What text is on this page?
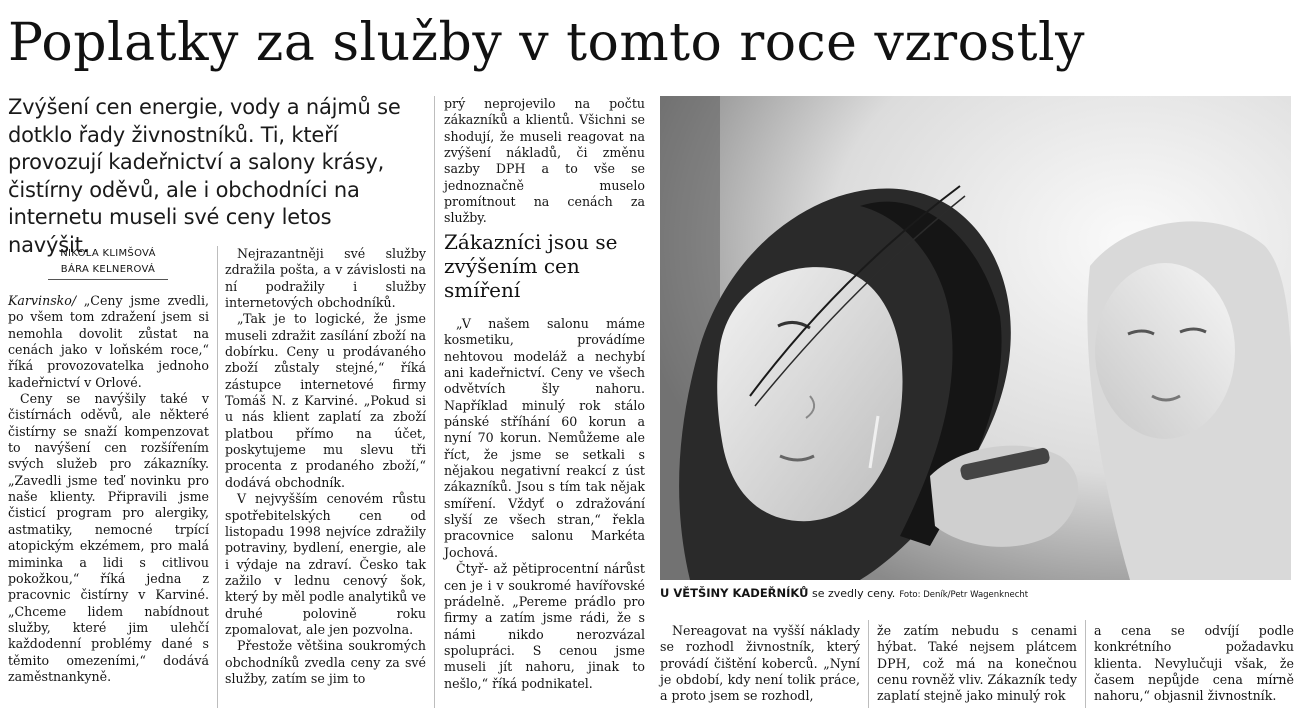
Poplatky za služby v tomto roce vzrostly
Zvýšení cen energie, vody a nájmů se dotklo řady živnostníků. Ti, kteří provozují kadeřnictví a salony krásy, čistírny oděvů, ale i obchodníci na internetu museli své ceny letos navýšit.
NIKOLA KLIMŠOVÁ
BÁRA KELNEROVÁ

Karvinsko/ „Ceny jsme zvedli, po všem tom zdražení jsem si nemohla dovolit zůstat na cenách jako v loňském roce,“ říká provozovatelka jednoho kadeřnictví v Orlové.

Ceny se navýšily také v čistírnách oděvů, ale některé čistírny se snaží kompenzovat to navýšení cen rozšířením svých služeb pro zákazníky. „Zavedli jsme teď novinku pro naše klienty. Připravili jsme čisticí program pro alergiky, astmatiky, nemocné trpící atopickým ekzémem, pro malá miminka a lidi s citlivou pokožkou,“ říká jedna z pracovnic čistírny v Karviné. „Chceme lidem nabídnout služby, které jim ulehčí každodenní problémy dané s těmito omezeními,“ dodává zaměstnankyně.

Nejrazantněji své služby zdražila pošta, a v závislosti na ní podražily i služby internetových obchodníků.

„Tak je to logické, že jsme museli zdražit zasílání zboží na dobírku. Ceny u prodávaného zboží zůstaly stejné,“ říká zástupce internetové firmy Tomáš N. z Karviné. „Pokud si u nás klient zaplatí za zboží platbou přímo na účet, poskytujeme mu slevu tři procenta z prodaného zboží,“ dodává obchodník.

V nejvyšším cenovém růstu spotřebitelských cen od listopadu 1998 nejvíce zdražily potraviny, bydlení, energie, ale i výdaje na zdraví. Česko tak zažilo v lednu cenový šok, který by měl podle analytiků ve druhé polovině roku zpomalovat, ale jen pozvolna.

Přestože většina soukromých obchodníků zvedla ceny za své služby, zatím se jim to

prý neprojevilo na počtu zákazníků a klientů. Všichni se shodují, že museli reagovat na zvýšení nákladů, či změnu sazby DPH a to vše se jednoznačně muselo promítnout na cenách za služby.

Zákazníci jsou se zvýšením cen smíření

„V našem salonu máme kosmetiku, provádíme nehtovou modeláž a nechybí ani kadeřnictví. Ceny ve všech odvětvích šly nahoru. Například minulý rok stálo pánské stříhání 60 korun a nyní 70 korun. Nemůžeme ale říct, že jsme se setkali s nějakou negativní reakcí z úst zákazníků. Jsou s tím tak nějak smíření. Vždyť o zdražování slyší ze všech stran,“ řekla pracovnice salonu Markéta Jochová.

Čtyř- až pětiprocentní nárůst cen je i v soukromé havířovské prádelně. „Pereme prádlo pro firmy a zatím jsme rádi, že s námi nikdo nerozvázal spolupráci. S cenou jsme museli jít nahoru, jinak to nešlo,“ říká podnikatel.

U VĚTŠINY KADEŘNÍKŮ se zvedly ceny. Foto: Deník/Petr Wagenknecht

Nereagovat na vyšší náklady se rozhodl živnostník, který provádí čištění koberců. „Nyní je období, kdy není tolik práce, a proto jsem se rozhodl,

že zatím nebudu s cenami hýbat. Také nejsem plátcem DPH, což má na konečnou cenu rovněž vliv. Zákazník tedy zaplatí stejně jako minulý rok

a cena se odvíjí podle konkrétního požadavku klienta. Nevylučuji však, že časem nepůjde cena mírně nahoru,“ objasnil živnostník.
